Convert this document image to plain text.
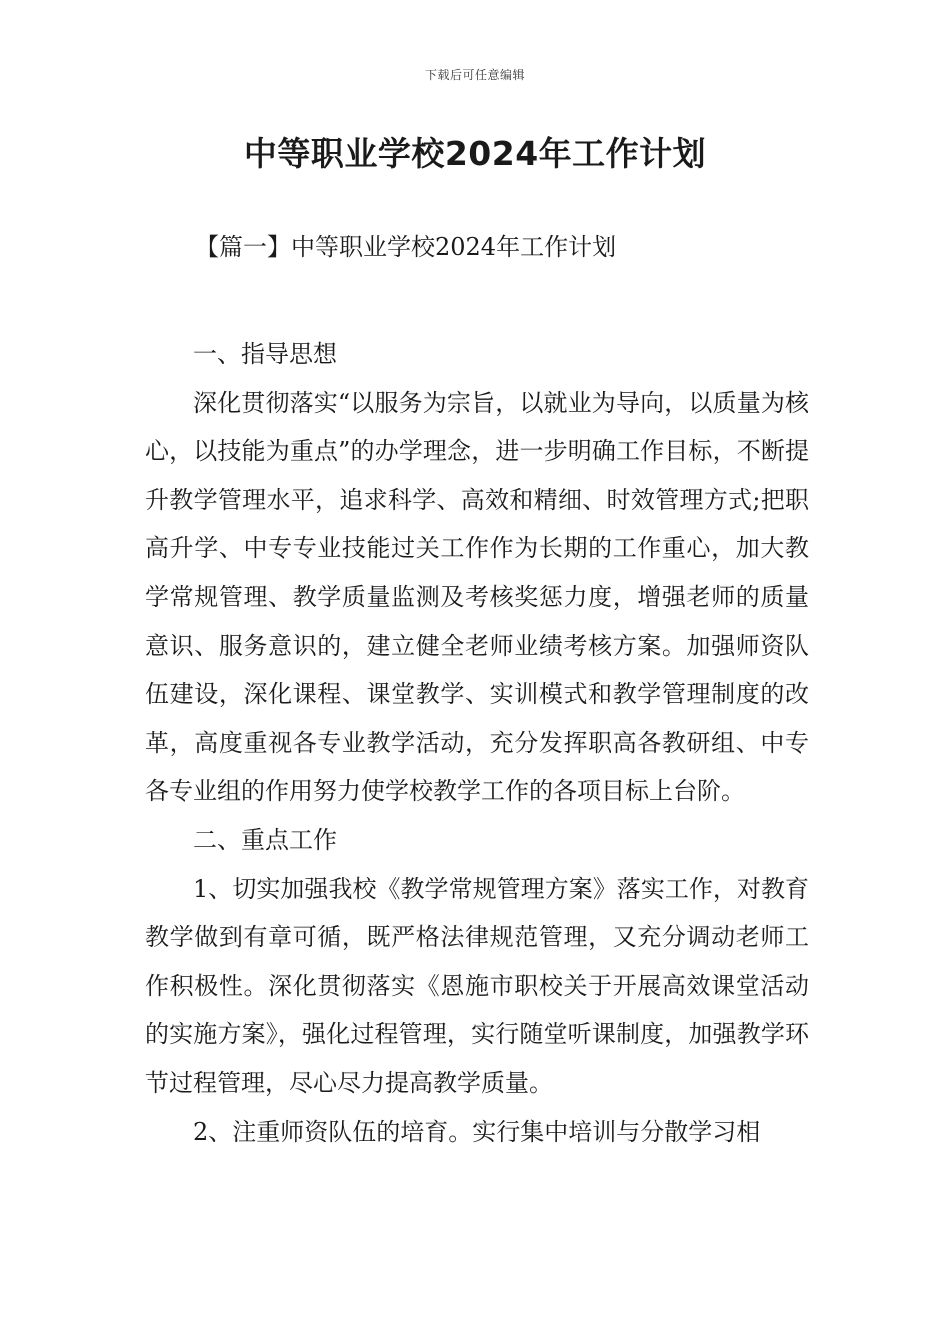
下载后可任意编辑
中等职业学校2024年工作计划
【篇一】中等职业学校2024年工作计划

一、指导思想

深化贯彻落实“以服务为宗旨，以就业为导向，以质量为核心，以技能为重点”的办学理念，进一步明确工作目标，不断提升教学管理水平，追求科学、高效和精细、时效管理方式;把职高升学、中专专业技能过关工作作为长期的工作重心，加大教学常规管理、教学质量监测及考核奖惩力度，增强老师的质量意识、服务意识的，建立健全老师业绩考核方案。加强师资队伍建设，深化课程、课堂教学、实训模式和教学管理制度的改革，高度重视各专业教学活动，充分发挥职高各教研组、中专各专业组的作用努力使学校教学工作的各项目标上台阶。

二、重点工作

1、切实加强我校《教学常规管理方案》落实工作，对教育教学做到有章可循，既严格法律规范管理，又充分调动老师工作积极性。深化贯彻落实《恩施市职校关于开展高效课堂活动的实施方案》，强化过程管理，实行随堂听课制度，加强教学环节过程管理，尽心尽力提高教学质量。

2、注重师资队伍的培育。实行集中培训与分散学习相
